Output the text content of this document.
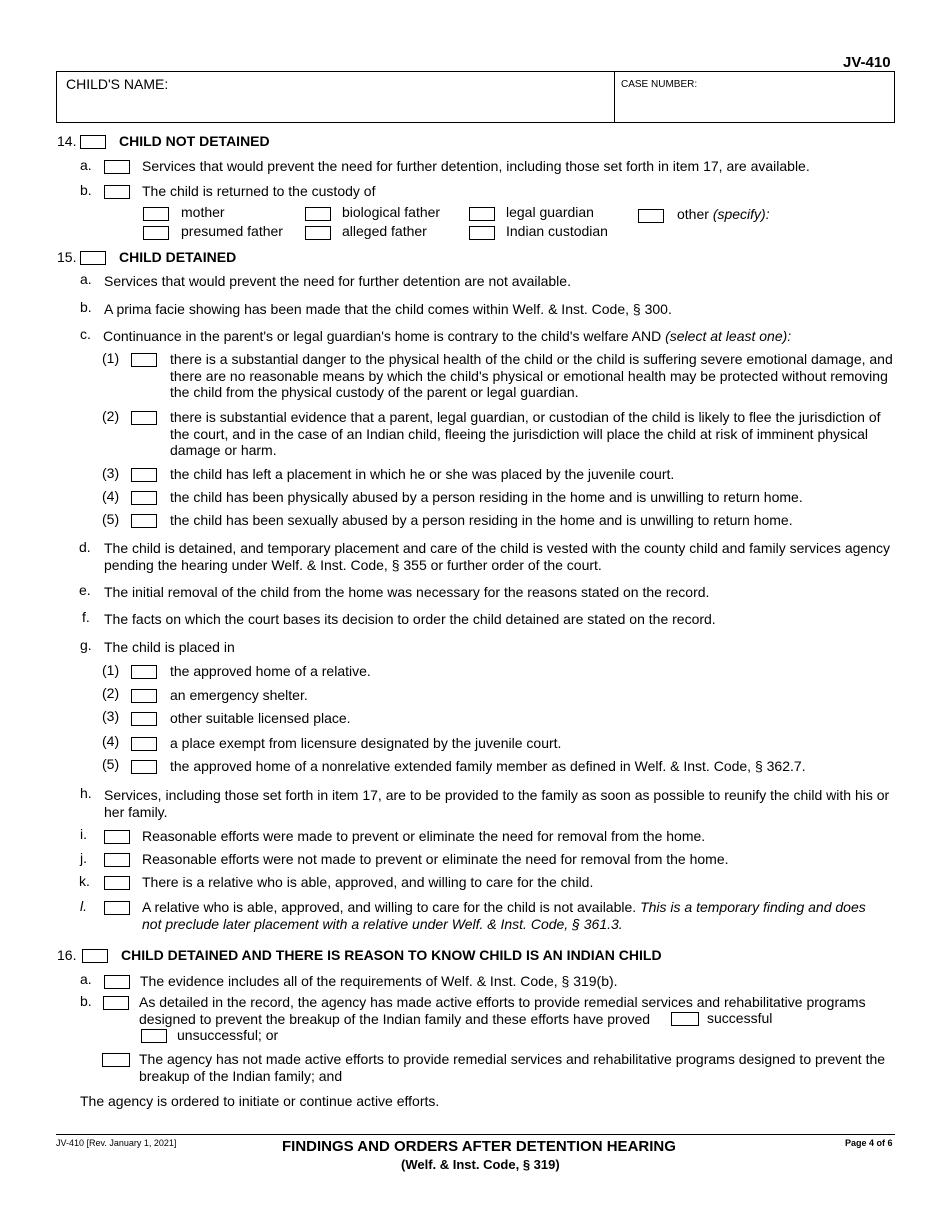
JV-410
CHILD'S NAME:	CASE NUMBER:
14.	CHILD NOT DETAINED
a.	Services that would prevent the need for further detention, including those set forth in item 17, are available.
b.	The child is returned to the custody of
mother	biological father	legal guardian	other (specify):
presumed father	alleged father	Indian custodian
15.	CHILD DETAINED
a. Services that would prevent the need for further detention are not available.
b. A prima facie showing has been made that the child comes within Welf. & Inst. Code, § 300.
c. Continuance in the parent's or legal guardian's home is contrary to the child's welfare AND (select at least one):
(1)	there is a substantial danger to the physical health of the child or the child is suffering severe emotional damage, and there are no reasonable means by which the child's physical or emotional health may be protected without removing the child from the physical custody of the parent or legal guardian.
(2)	there is substantial evidence that a parent, legal guardian, or custodian of the child is likely to flee the jurisdiction of the court, and in the case of an Indian child, fleeing the jurisdiction will place the child at risk of imminent physical damage or harm.
(3)	the child has left a placement in which he or she was placed by the juvenile court.
(4)	the child has been physically abused by a person residing in the home and is unwilling to return home.
(5)	the child has been sexually abused by a person residing in the home and is unwilling to return home.
d. The child is detained, and temporary placement and care of the child is vested with the county child and family services agency pending the hearing under Welf. & Inst. Code, § 355 or further order of the court.
e. The initial removal of the child from the home was necessary for the reasons stated on the record.
f. The facts on which the court bases its decision to order the child detained are stated on the record.
g. The child is placed in
(1)	the approved home of a relative.
(2)	an emergency shelter.
(3)	other suitable licensed place.
(4)	a place exempt from licensure designated by the juvenile court.
(5)	the approved home of a nonrelative extended family member as defined in Welf. & Inst. Code, § 362.7.
h. Services, including those set forth in item 17, are to be provided to the family as soon as possible to reunify the child with his or her family.
i.	Reasonable efforts were made to prevent or eliminate the need for removal from the home.
j.	Reasonable efforts were not made to prevent or eliminate the need for removal from the home.
k.	There is a relative who is able, approved, and willing to care for the child.
l.	A relative who is able, approved, and willing to care for the child is not available. This is a temporary finding and does not preclude later placement with a relative under Welf. & Inst. Code, § 361.3.
16.	CHILD DETAINED AND THERE IS REASON TO KNOW CHILD IS AN INDIAN CHILD
a.	The evidence includes all of the requirements of Welf. & Inst. Code, § 319(b).
b.	As detailed in the record, the agency has made active efforts to provide remedial services and rehabilitative programs designed to prevent the breakup of the Indian family and these efforts have proved	successful
unsuccessful; or
The agency has not made active efforts to provide remedial services and rehabilitative programs designed to prevent the breakup of the Indian family; and
The agency is ordered to initiate or continue active efforts.
JV-410 [Rev. January 1, 2021]	FINDINGS AND ORDERS AFTER DETENTION HEARING
(Welf. & Inst. Code, § 319)
Page 4 of 6
